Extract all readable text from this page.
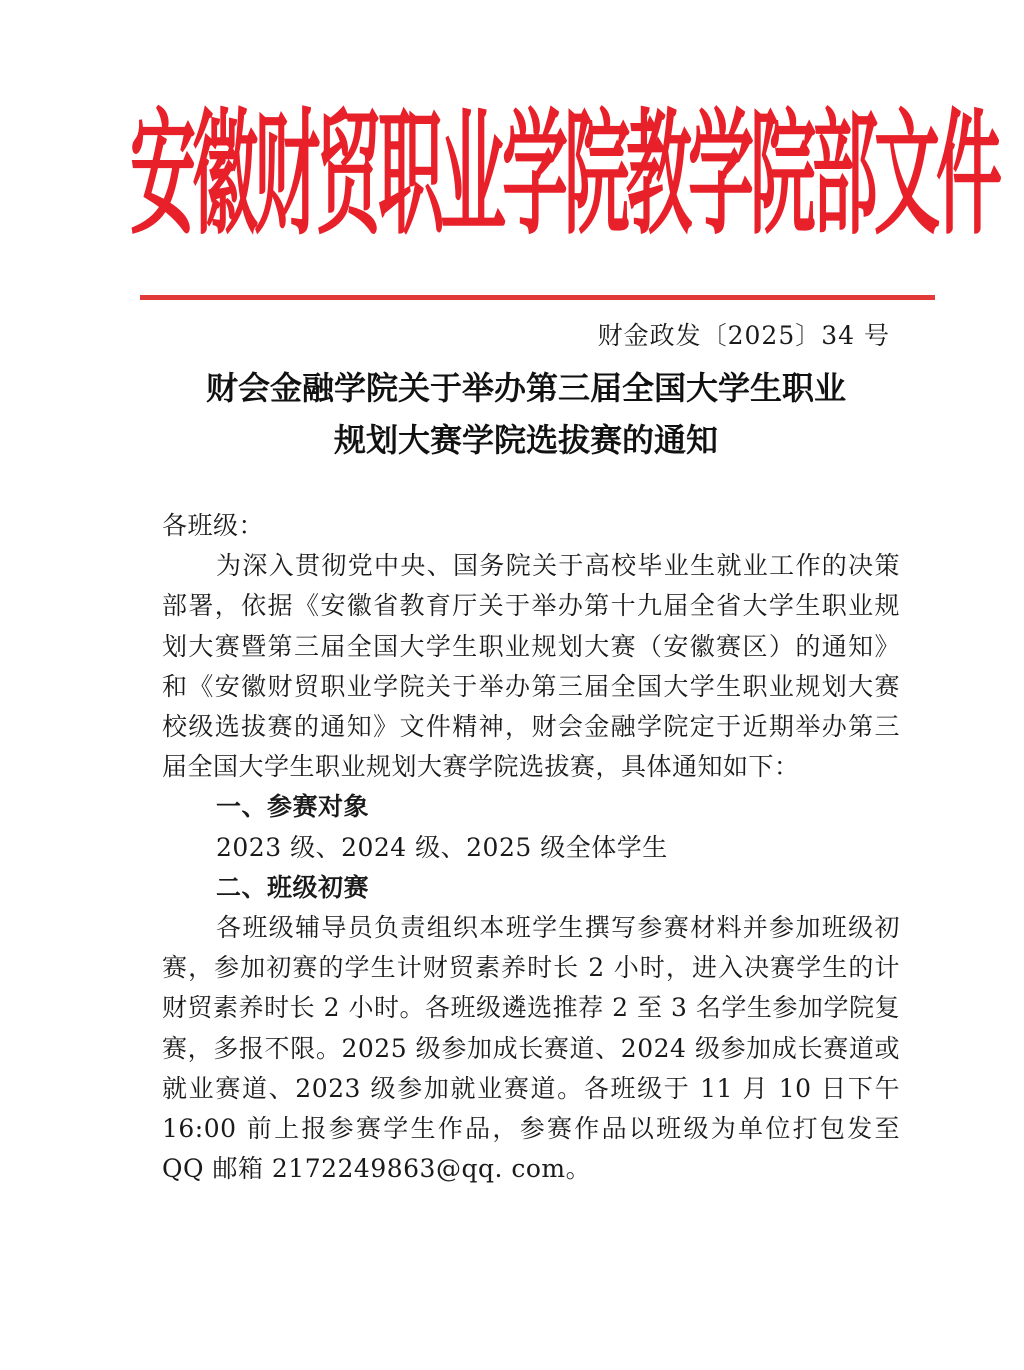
安
徽
财
贸
职
业
学
院
教
学
院
部
文
件
财金政发〔2025〕34 号
财会金融学院关于举办第三届全国大学生职业
规划大赛学院选拔赛的通知

各班级：

为深入贯彻党中央、国务院关于高校毕业生就业工作的决策部署，依据《安徽省教育厅关于举办第十九届全省大学生职业规划大赛暨第三届全国大学生职业规划大赛（安徽赛区）的通知》和《安徽财贸职业学院关于举办第三届全国大学生职业规划大赛校级选拔赛的通知》文件精神，财会金融学院定于近期举办第三届全国大学生职业规划大赛学院选拔赛，具体通知如下：

一、参赛对象

2023 级、2024 级、2025 级全体学生

二、班级初赛

各班级辅导员负责组织本班学生撰写参赛材料并参加班级初赛，参加初赛的学生计财贸素养时长 2 小时，进入决赛学生的计财贸素养时长 2 小时。各班级遴选推荐 2 至 3 名学生参加学院复赛，多报不限。2025 级参加成长赛道、2024 级参加成长赛道或就业赛道、2023 级参加就业赛道。各班级于 11 月 10 日下午 16:00 前上报参赛学生作品，参赛作品以班级为单位打包发至 QQ 邮箱 2172249863@qq. com。
